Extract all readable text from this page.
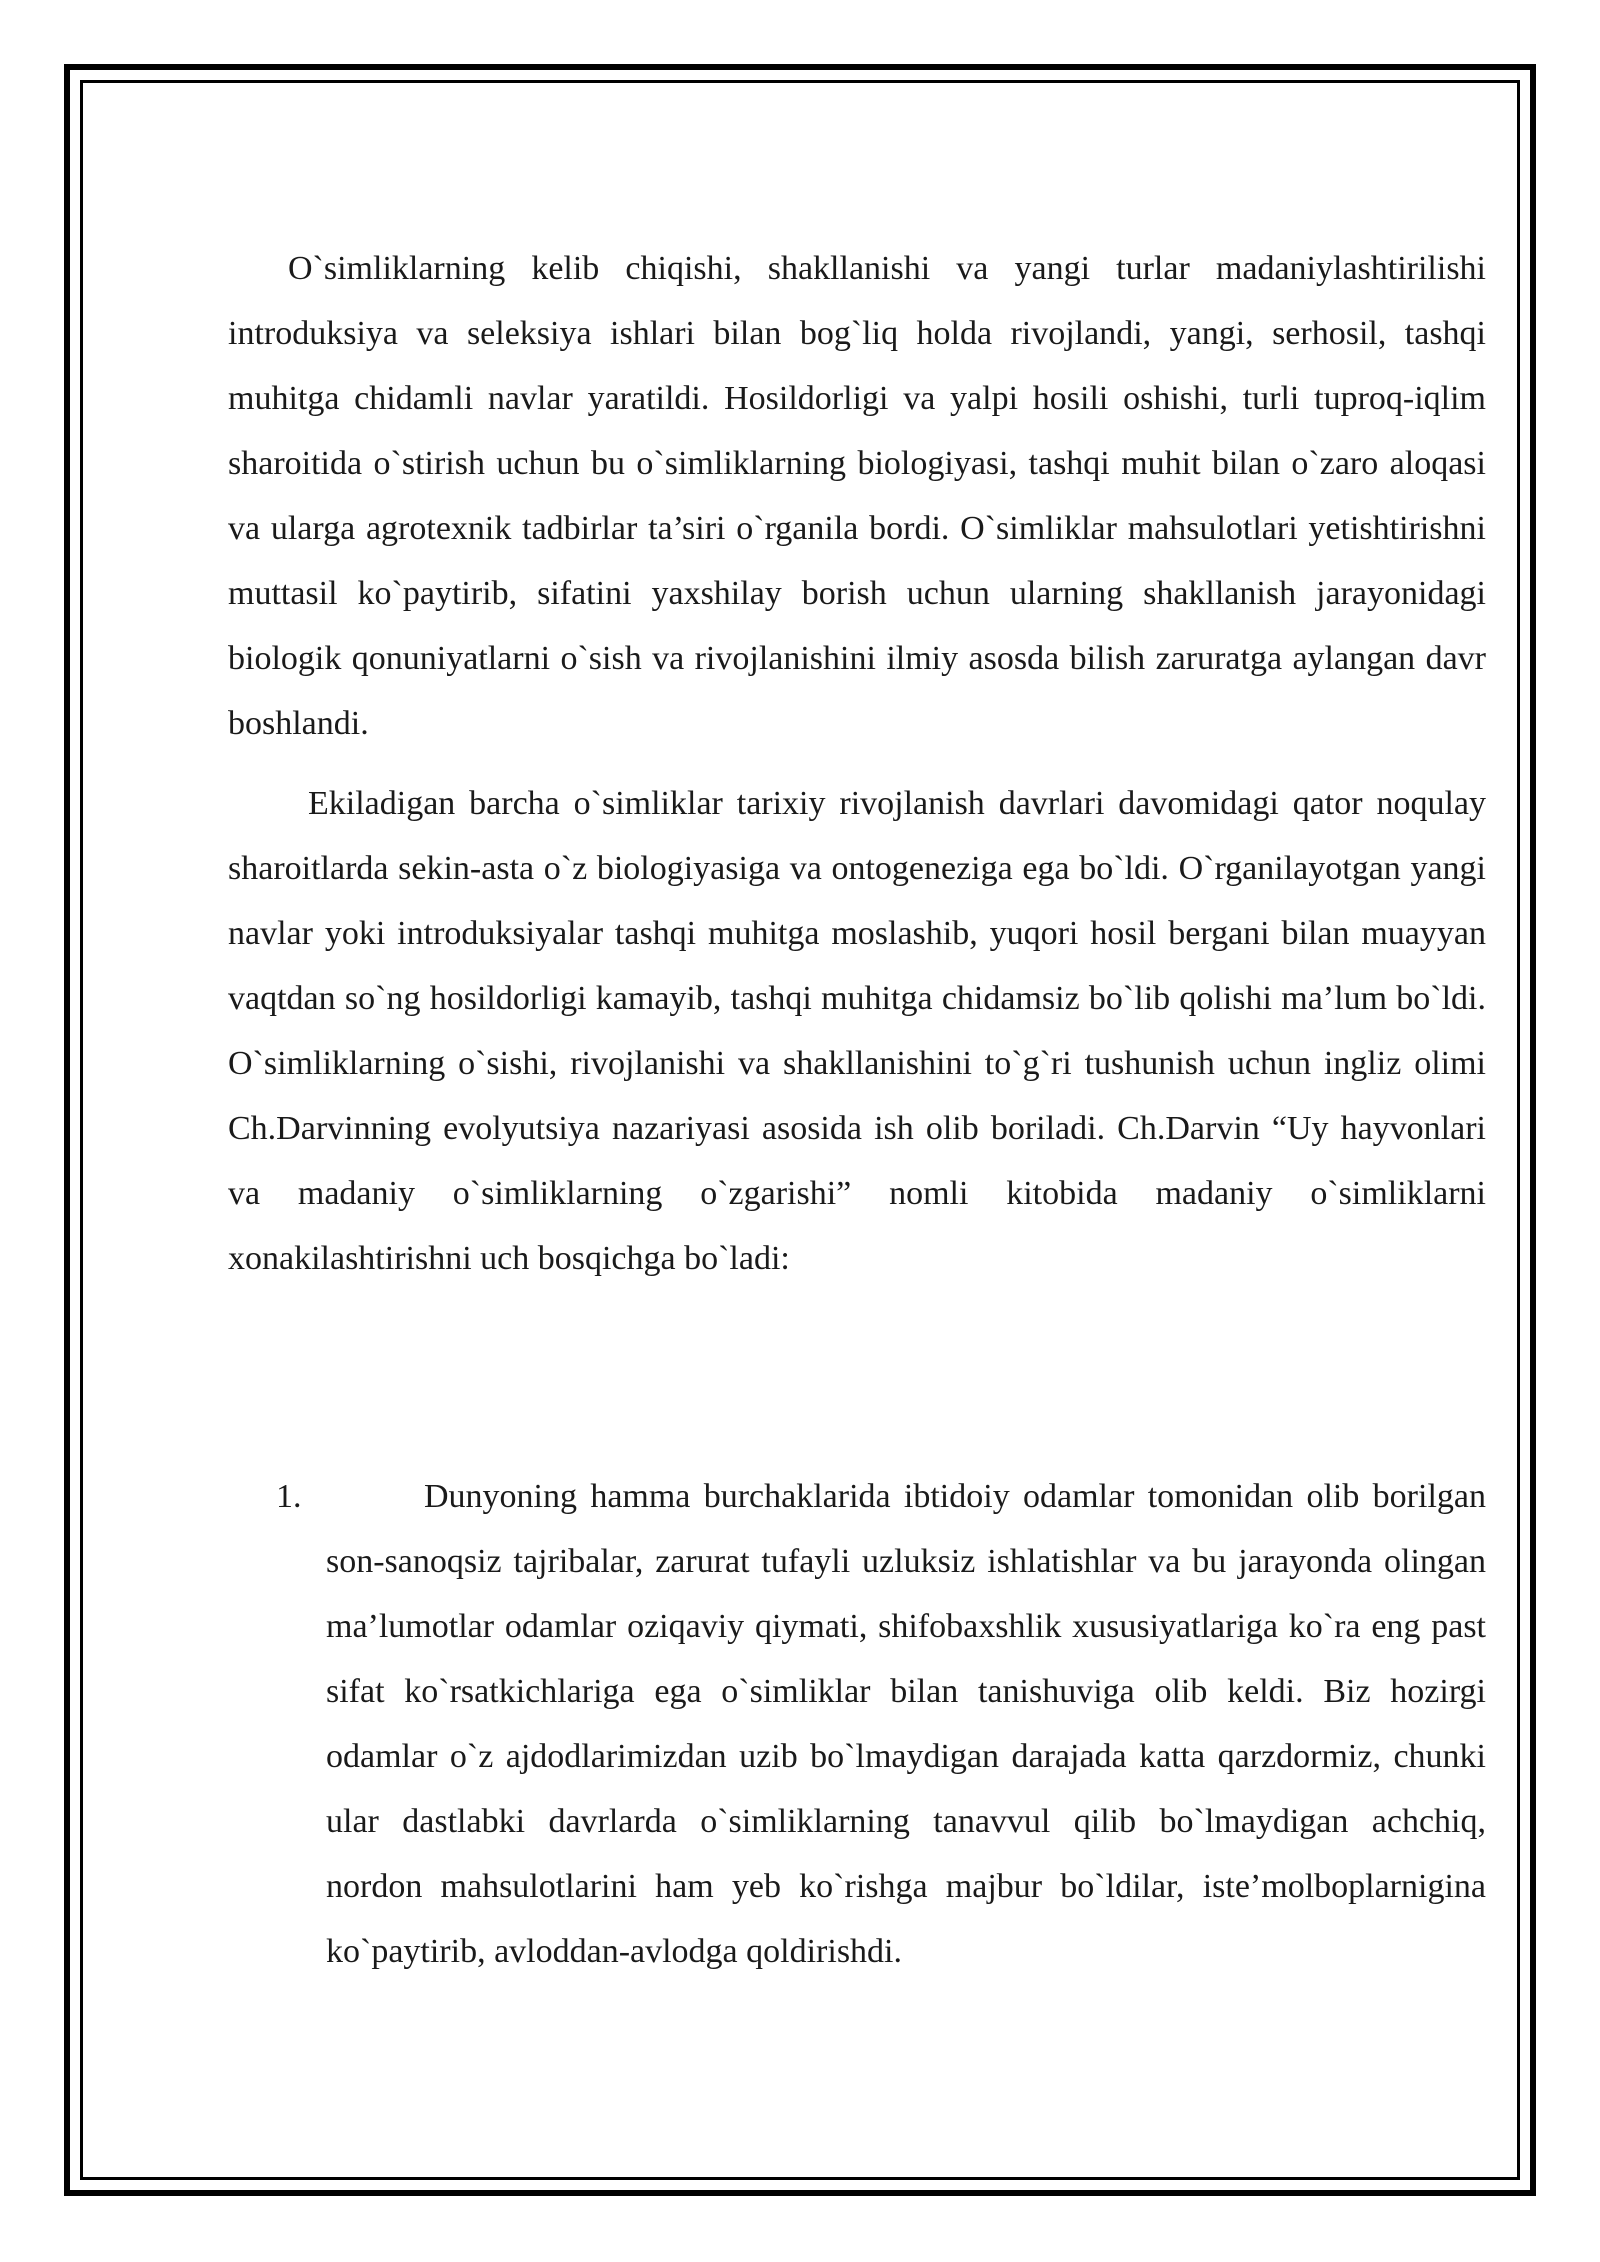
O`simliklarning kelib chiqishi, shakllanishi va yangi turlar madaniylashtirilishi introduksiya va seleksiya ishlari bilan bog`liq holda rivojlandi, yangi, serhosil, tashqi muhitga chidamli navlar yaratildi. Hosildorligi va yalpi hosili oshishi, turli tuproq-iqlim sharoitida o`stirish uchun bu o`simliklarning biologiyasi, tashqi muhit bilan o`zaro aloqasi va ularga agrotexnik tadbirlar ta’siri o`rganila bordi. O`simliklar mahsulotlari yetishtirishni muttasil ko`paytirib, sifatini yaxshilay borish uchun ularning shakllanish jarayonidagi biologik qonuniyatlarni o`sish va rivojlanishini ilmiy asosda bilish zaruratga aylangan davr boshlandi.

Ekiladigan barcha o`simliklar tarixiy rivojlanish davrlari davomidagi qator noqulay sharoitlarda sekin-asta o`z biologiyasiga va ontogeneziga ega bo`ldi. O`rganilayotgan yangi navlar yoki introduksiyalar tashqi muhitga moslashib, yuqori hosil bergani bilan muayyan vaqtdan so`ng hosildorligi kamayib, tashqi muhitga chidamsiz bo`lib qolishi ma’lum bo`ldi. O`simliklarning o`sishi, rivojlanishi va shakllanishini to`g`ri tushunish uchun ingliz olimi Ch.Darvinning evolyutsiya nazariyasi asosida ish olib boriladi. Ch.Darvin “Uy hayvonlari va madaniy o`simliklarning o`zgarishi” nomli kitobida madaniy o`simliklarni xonakilashtirishni uch bosqichga bo`ladi:

1.	Dunyoning hamma burchaklarida ibtidoiy odamlar tomonidan olib borilgan son-sanoqsiz tajribalar, zarurat tufayli uzluksiz ishlatishlar va bu jarayonda olingan ma’lumotlar odamlar oziqaviy qiymati, shifobaxshlik xususiyatlariga ko`ra eng past sifat ko`rsatkichlariga ega o`simliklar bilan tanishuviga olib keldi. Biz hozirgi odamlar o`z ajdodlarimizdan uzib bo`lmaydigan darajada katta qarzdormiz, chunki ular dastlabki davrlarda o`simliklarning tanavvul qilib bo`lmaydigan achchiq, nordon mahsulotlarini ham yeb ko`rishga majbur bo`ldilar, iste’molboplarnigina ko`paytirib, avloddan-avlodga qoldirishdi.
